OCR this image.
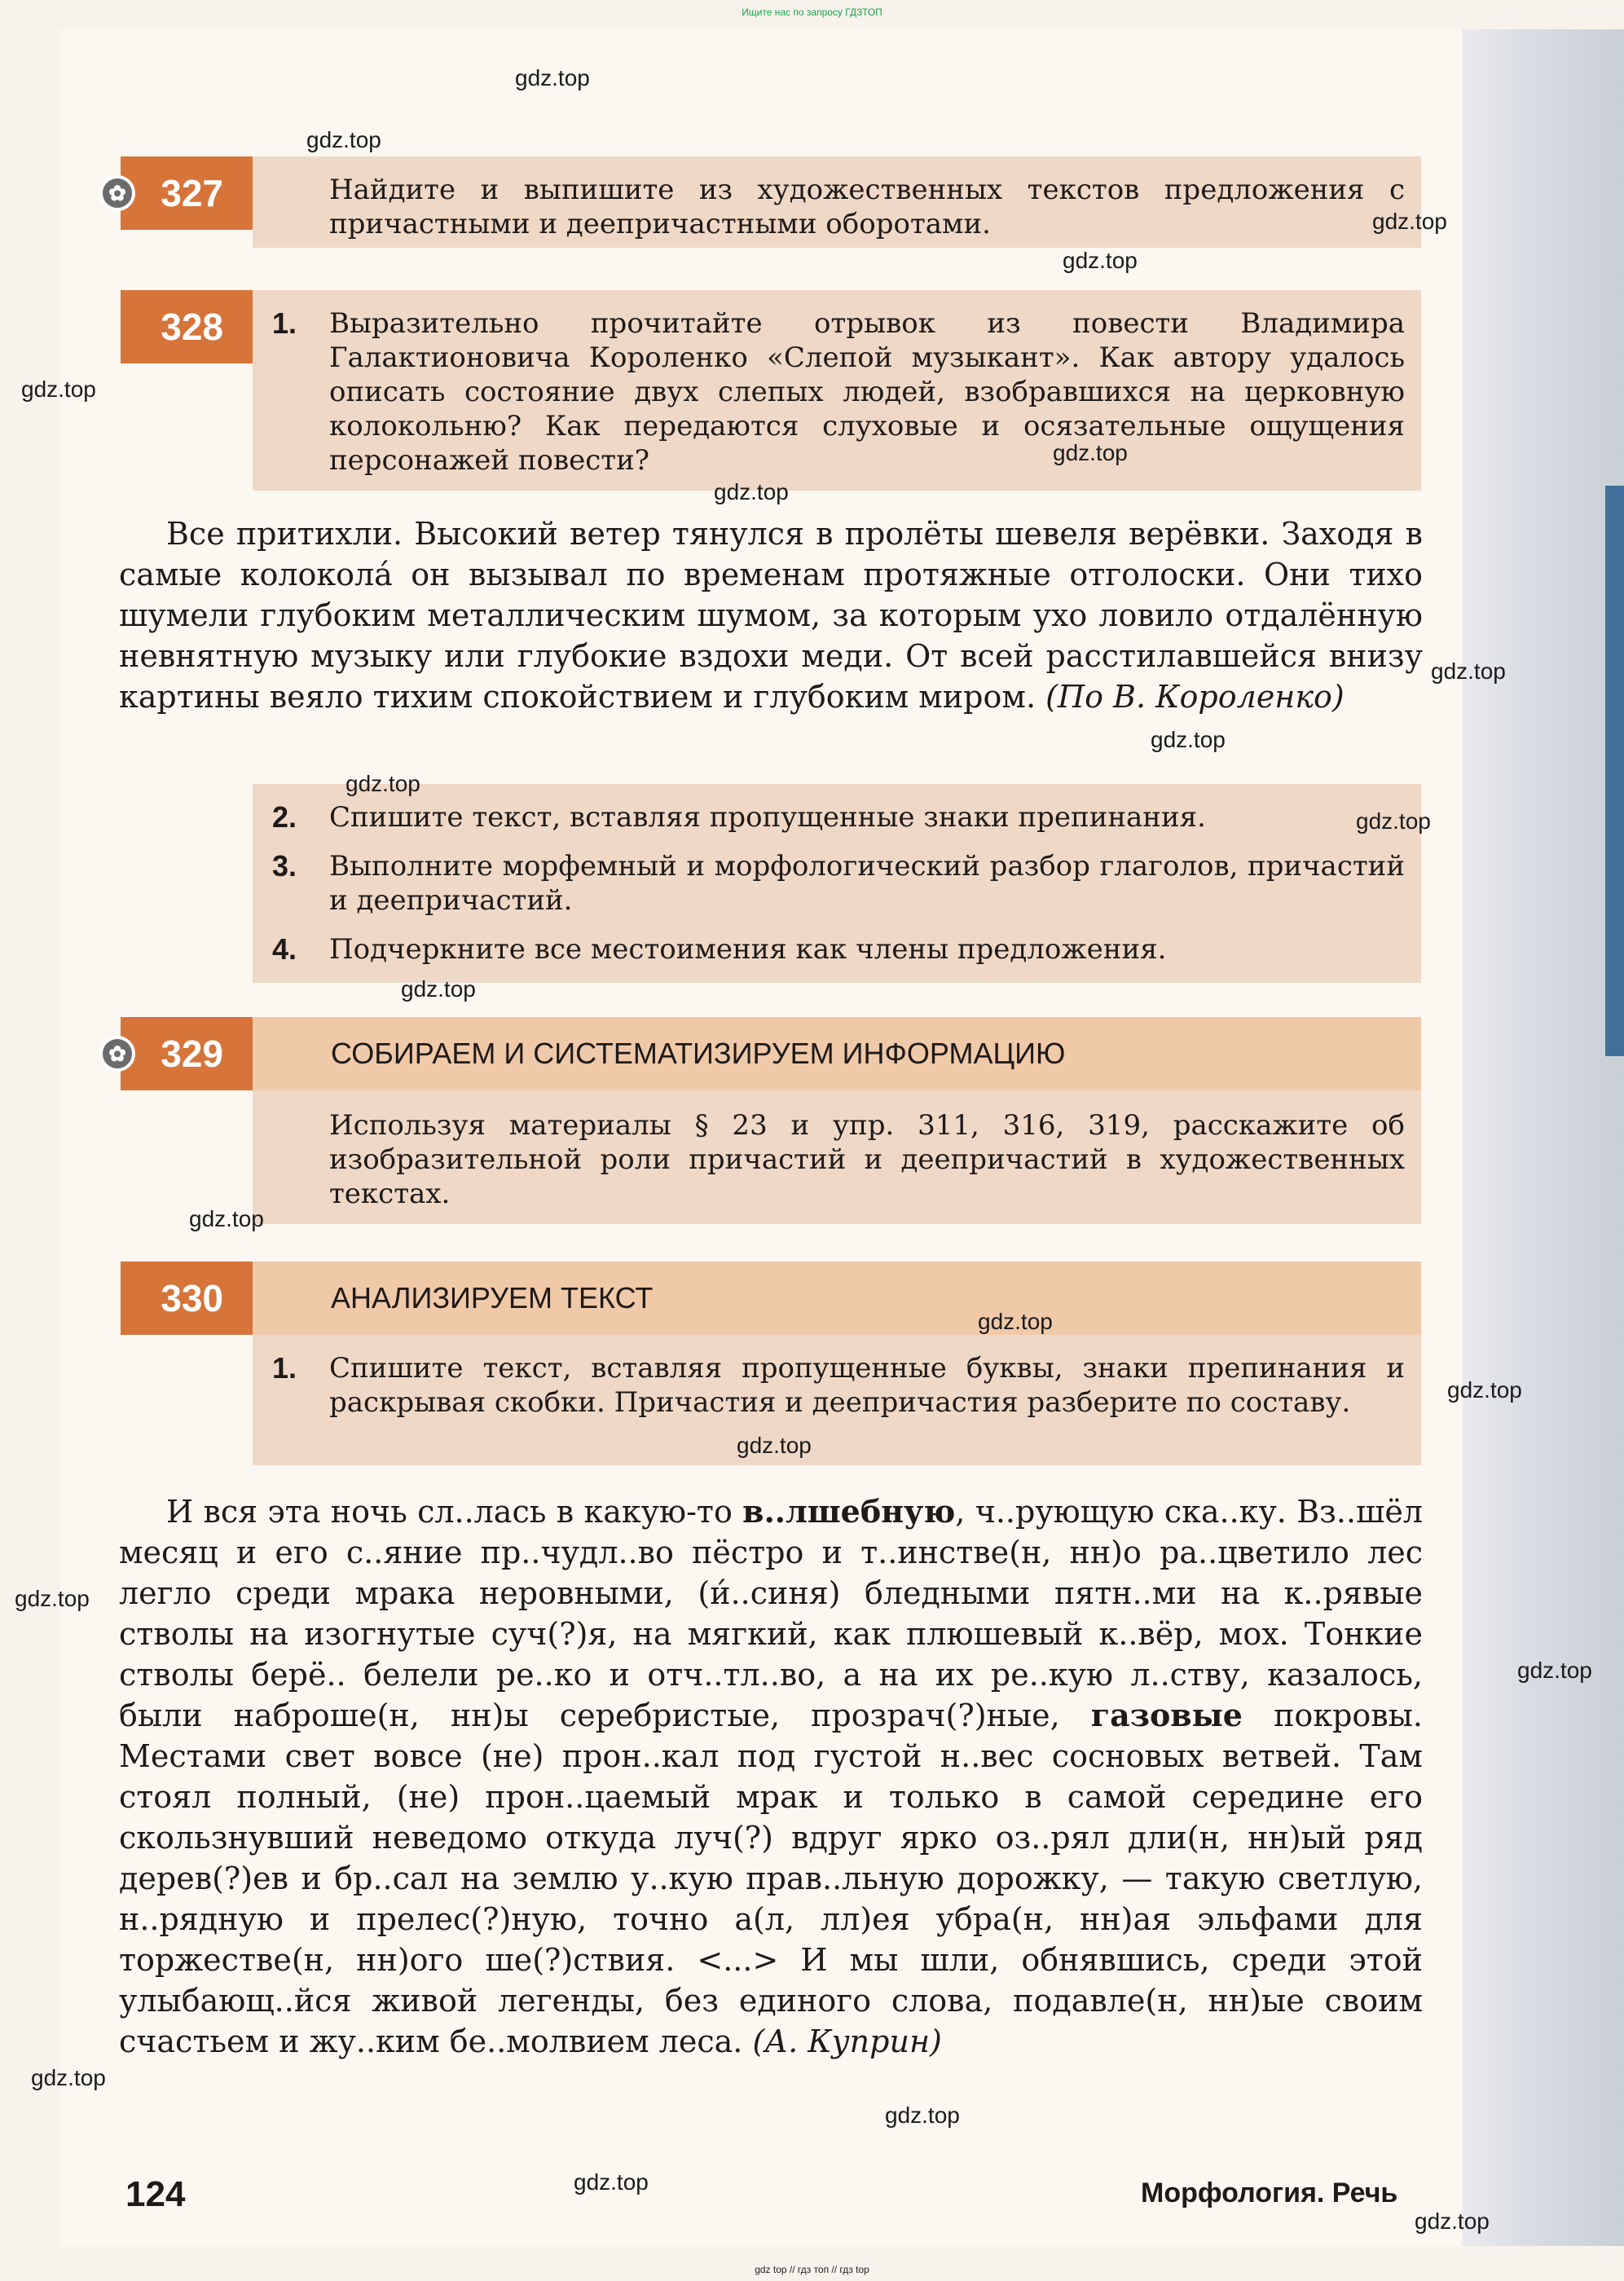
Ищите нас по запросу ГДЗТОП
✿ 327	Найдите и выпишите из художественных текстов предложения с причастными и деепричастными оборотами.
328 1. Выразительно прочитайте отрывок из повести Владимира Галактионовича Короленко «Слепой музыкант». Как автору удалось описать состояние двух слепых людей, взобравшихся на церковную колокольню? Как передаются слуховые и осязательные ощущения персонажей повести?
Все притихли. Высокий ветер тянулся в пролёты шевеля верёвки. Заходя в самые колокола́ он вызывал по временам протяжные отголоски. Они тихо шумели глубоким металлическим шумом, за которым ухо ловило отдалённую невнятную музыку или глубокие вздохи меди. От всей расстилавшейся внизу картины веяло тихим спокойствием и глубоким миром. (По В. Короленко)
2. Спишите текст, вставляя пропущенные знаки препинания.
3. Выполните морфемный и морфологический разбор глаголов, причастий и деепричастий.
4. Подчеркните все местоимения как члены предложения.
✿ 329	СОБИРАЕМ И СИСТЕМАТИЗИРУЕМ ИНФОРМАЦИЮ
Используя материалы § 23 и упр. 311, 316, 319, расскажите об изобразительной роли причастий и деепричастий в художественных текстах.
330	АНАЛИЗИРУЕМ ТЕКСТ
1. Спишите текст, вставляя пропущенные буквы, знаки препинания и раскрывая скобки. Причастия и деепричастия разберите по составу.
И вся эта ночь сл..лась в какую-то в..лшебную, ч..рующую ска..ку. Вз..шёл месяц и его с..яние пр..чудл..во пёстро и т..инстве(н, нн)о ра..цветило лес легло среди мрака неровными, (и́..синя) бледными пятн..ми на к..рявые стволы на изогнутые суч(?)я, на мягкий, как плюшевый к..вёр, мох. Тонкие стволы берё.. белели ре..ко и отч..тл..во, а на их ре..кую л..ству, казалось, были наброше(н, нн)ы серебристые, прозрач(?)ные, газовые покровы. Местами свет вовсе (не) прон..кал под густой н..вес сосновых ветвей. Там стоял полный, (не) прон..цаемый мрак и только в самой середине его скользнувший неведомо откуда луч(?) вдруг ярко оз..рял дли(н, нн)ый ряд дерев(?)ев и бр..сал на землю у..кую прав..льную дорожку, — такую светлую, н..рядную и прелес(?)ную, точно а(л, лл)ея убра(н, нн)ая эльфами для торжестве(н, нн)ого ше(?)ствия. <...> И мы шли, обнявшись, среди этой улыбающ..йся живой легенды, без единого слова, подавле(н, нн)ые своим счастьем и жу..ким бе..молвием леса. (А. Куприн)
124	Морфология. Речь
gdz.top
gdz.top
gdz.top
gdz.top
gdz.top
gdz.top
gdz.top
gdz.top
gdz.top
gdz.top
gdz.top
gdz.top
gdz.top
gdz.top
gdz.top
gdz.top
gdz.top
gdz.top
gdz.top
gdz.top
gdz.top
gdz.top
gdz top // гдз топ // гдз top
